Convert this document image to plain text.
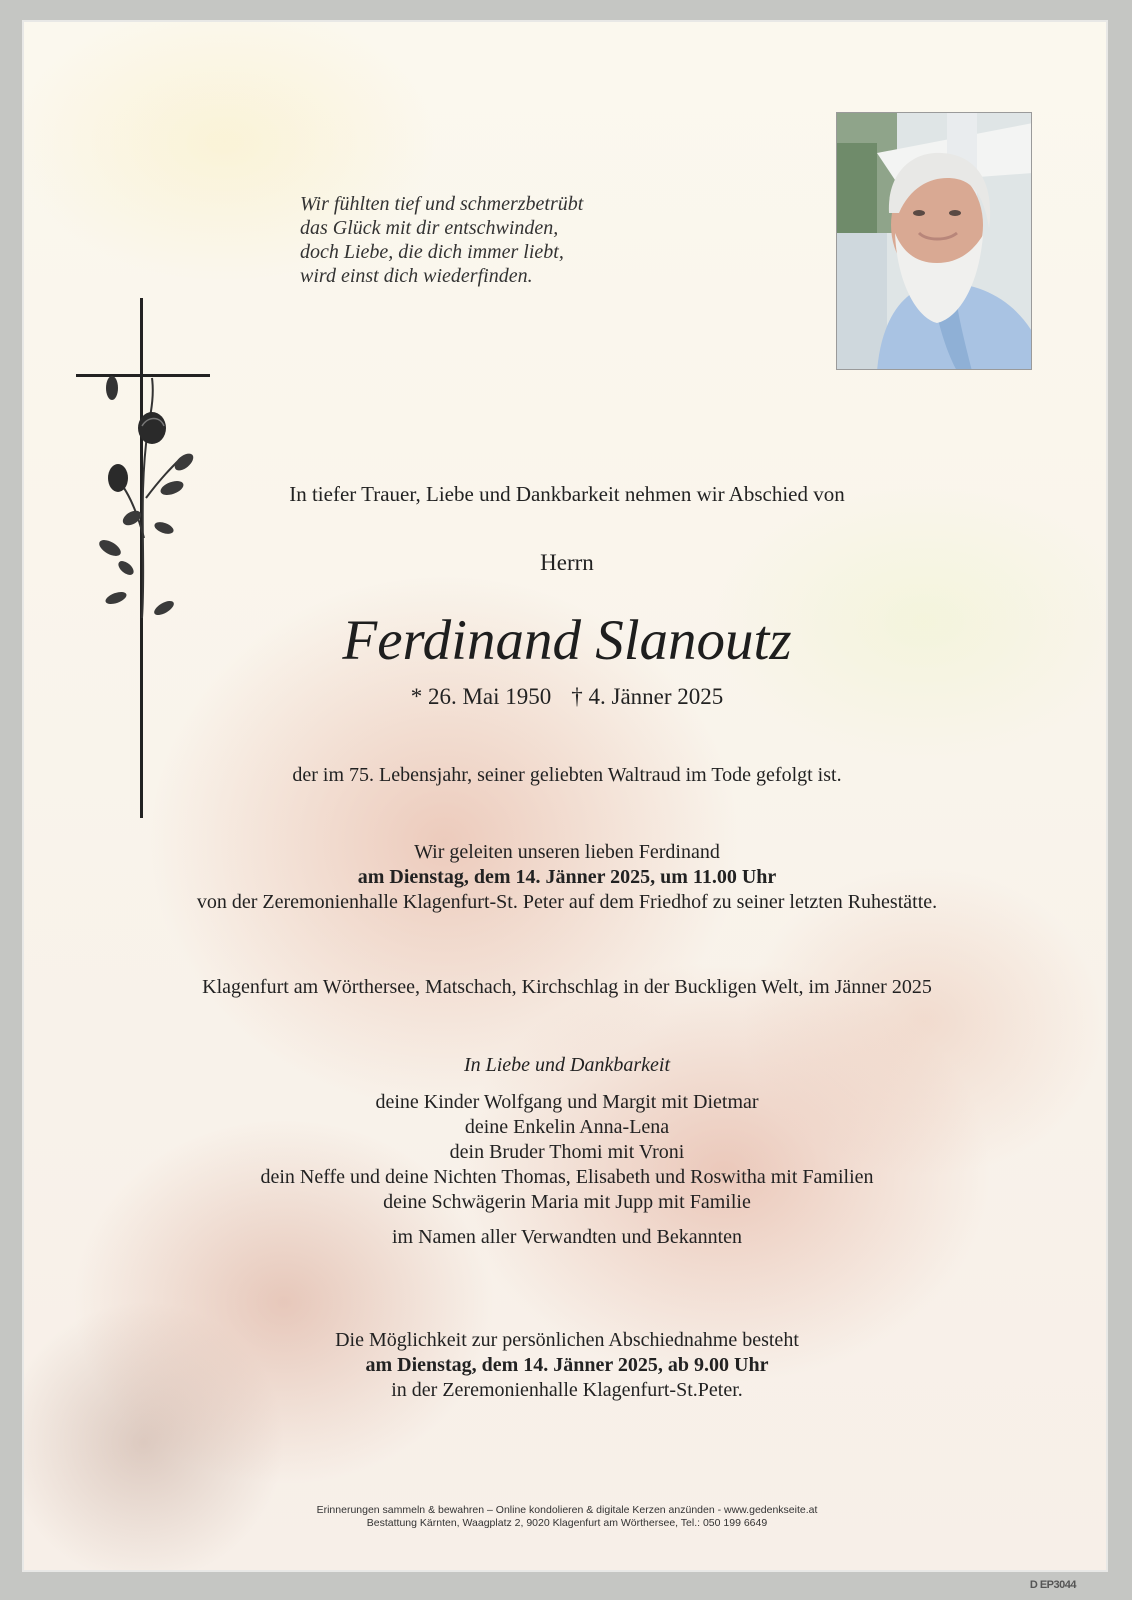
Wir fühlten tief und schmerzbetrübt
das Glück mit dir entschwinden,
doch Liebe, die dich immer liebt,
wird einst dich wiederfinden.
In tiefer Trauer, Liebe und Dankbarkeit nehmen wir Abschied von
Herrn
Ferdinand Slanoutz
* 26. Mai 1950 † 4. Jänner 2025
der im 75. Lebensjahr, seiner geliebten Waltraud im Tode gefolgt ist.
Wir geleiten unseren lieben Ferdinand
am Dienstag, dem 14. Jänner 2025, um 11.00 Uhr
von der Zeremonienhalle Klagenfurt-St. Peter auf dem Friedhof zu seiner letzten Ruhestätte.
Klagenfurt am Wörthersee, Matschach, Kirchschlag in der Buckligen Welt, im Jänner 2025
In Liebe und Dankbarkeit
deine Kinder Wolfgang und Margit mit Dietmar
deine Enkelin Anna-Lena
dein Bruder Thomi mit Vroni
dein Neffe und deine Nichten Thomas, Elisabeth und Roswitha mit Familien
deine Schwägerin Maria mit Jupp mit Familie
im Namen aller Verwandten und Bekannten
Die Möglichkeit zur persönlichen Abschiednahme besteht
am Dienstag, dem 14. Jänner 2025, ab 9.00 Uhr
in der Zeremonienhalle Klagenfurt-St.Peter.
Erinnerungen sammeln & bewahren – Online kondolieren & digitale Kerzen anzünden - www.gedenkseite.at
Bestattung Kärnten, Waagplatz 2, 9020 Klagenfurt am Wörthersee, Tel.: 050 199 6649
D EP3044
